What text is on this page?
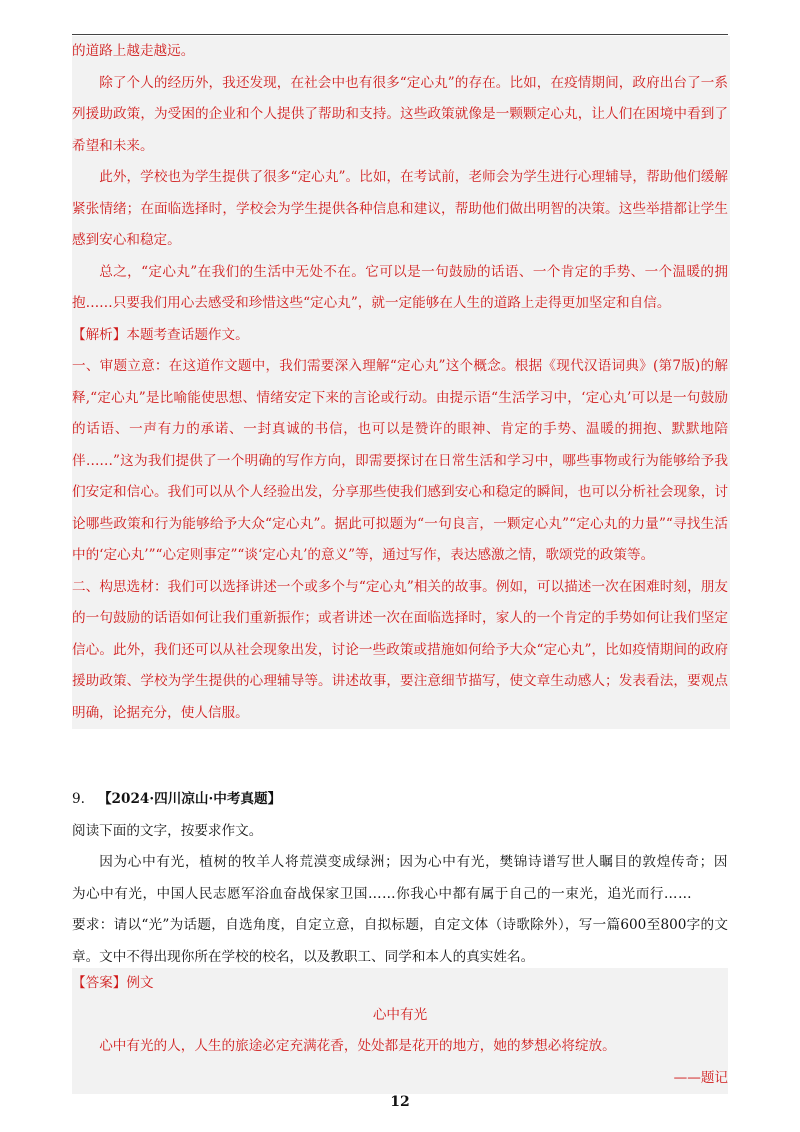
的道路上越走越远。

除了个人的经历外，我还发现，在社会中也有很多“定心丸”的存在。比如，在疫情期间，政府出台了一系列援助政策，为受困的企业和个人提供了帮助和支持。这些政策就像是一颗颗定心丸，让人们在困境中看到了希望和未来。

此外，学校也为学生提供了很多“定心丸”。比如，在考试前，老师会为学生进行心理辅导，帮助他们缓解紧张情绪；在面临选择时，学校会为学生提供各种信息和建议，帮助他们做出明智的决策。这些举措都让学生感到安心和稳定。

总之，“定心丸”在我们的生活中无处不在。它可以是一句鼓励的话语、一个肯定的手势、一个温暖的拥抱……只要我们用心去感受和珍惜这些“定心丸”，就一定能够在人生的道路上走得更加坚定和自信。

【解析】本题考查话题作文。

一、审题立意：在这道作文题中，我们需要深入理解“定心丸”这个概念。根据《现代汉语词典》(第7版)的解释,“定心丸”是比喻能使思想、情绪安定下来的言论或行动。由提示语“生活学习中，‘定心丸’可以是一句鼓励的话语、一声有力的承诺、一封真诚的书信，也可以是赞许的眼神、肯定的手势、温暖的拥抱、默默地陪伴……”这为我们提供了一个明确的写作方向，即需要探讨在日常生活和学习中，哪些事物或行为能够给予我们安定和信心。我们可以从个人经验出发，分享那些使我们感到安心和稳定的瞬间，也可以分析社会现象，讨论哪些政策和行为能够给予大众“定心丸”。据此可拟题为“一句良言，一颗定心丸”“定心丸的力量”“寻找生活中的‘定心丸’”“心定则事定”“谈‘定心丸’的意义”等，通过写作，表达感激之情，歌颂党的政策等。

二、构思选材：我们可以选择讲述一个或多个与“定心丸”相关的故事。例如，可以描述一次在困难时刻，朋友的一句鼓励的话语如何让我们重新振作；或者讲述一次在面临选择时，家人的一个肯定的手势如何让我们坚定信心。此外，我们还可以从社会现象出发，讨论一些政策或措施如何给予大众“定心丸”，比如疫情期间的政府援助政策、学校为学生提供的心理辅导等。讲述故事，要注意细节描写，使文章生动感人；发表看法，要观点明确，论据充分，使人信服。

9. 【2024·四川凉山·中考真题】

阅读下面的文字，按要求作文。

因为心中有光，植树的牧羊人将荒漠变成绿洲；因为心中有光，樊锦诗谱写世人瞩目的敦煌传奇；因为心中有光，中国人民志愿军浴血奋战保家卫国……你我心中都有属于自己的一束光，追光而行……

要求：请以“光”为话题，自选角度，自定立意，自拟标题，自定文体（诗歌除外），写一篇600至800字的文章。文中不得出现你所在学校的校名，以及教职工、同学和本人的真实姓名。

【答案】例文

心中有光

心中有光的人，人生的旅途必定充满花香，处处都是花开的地方，她的梦想必将绽放。

——题记

12
